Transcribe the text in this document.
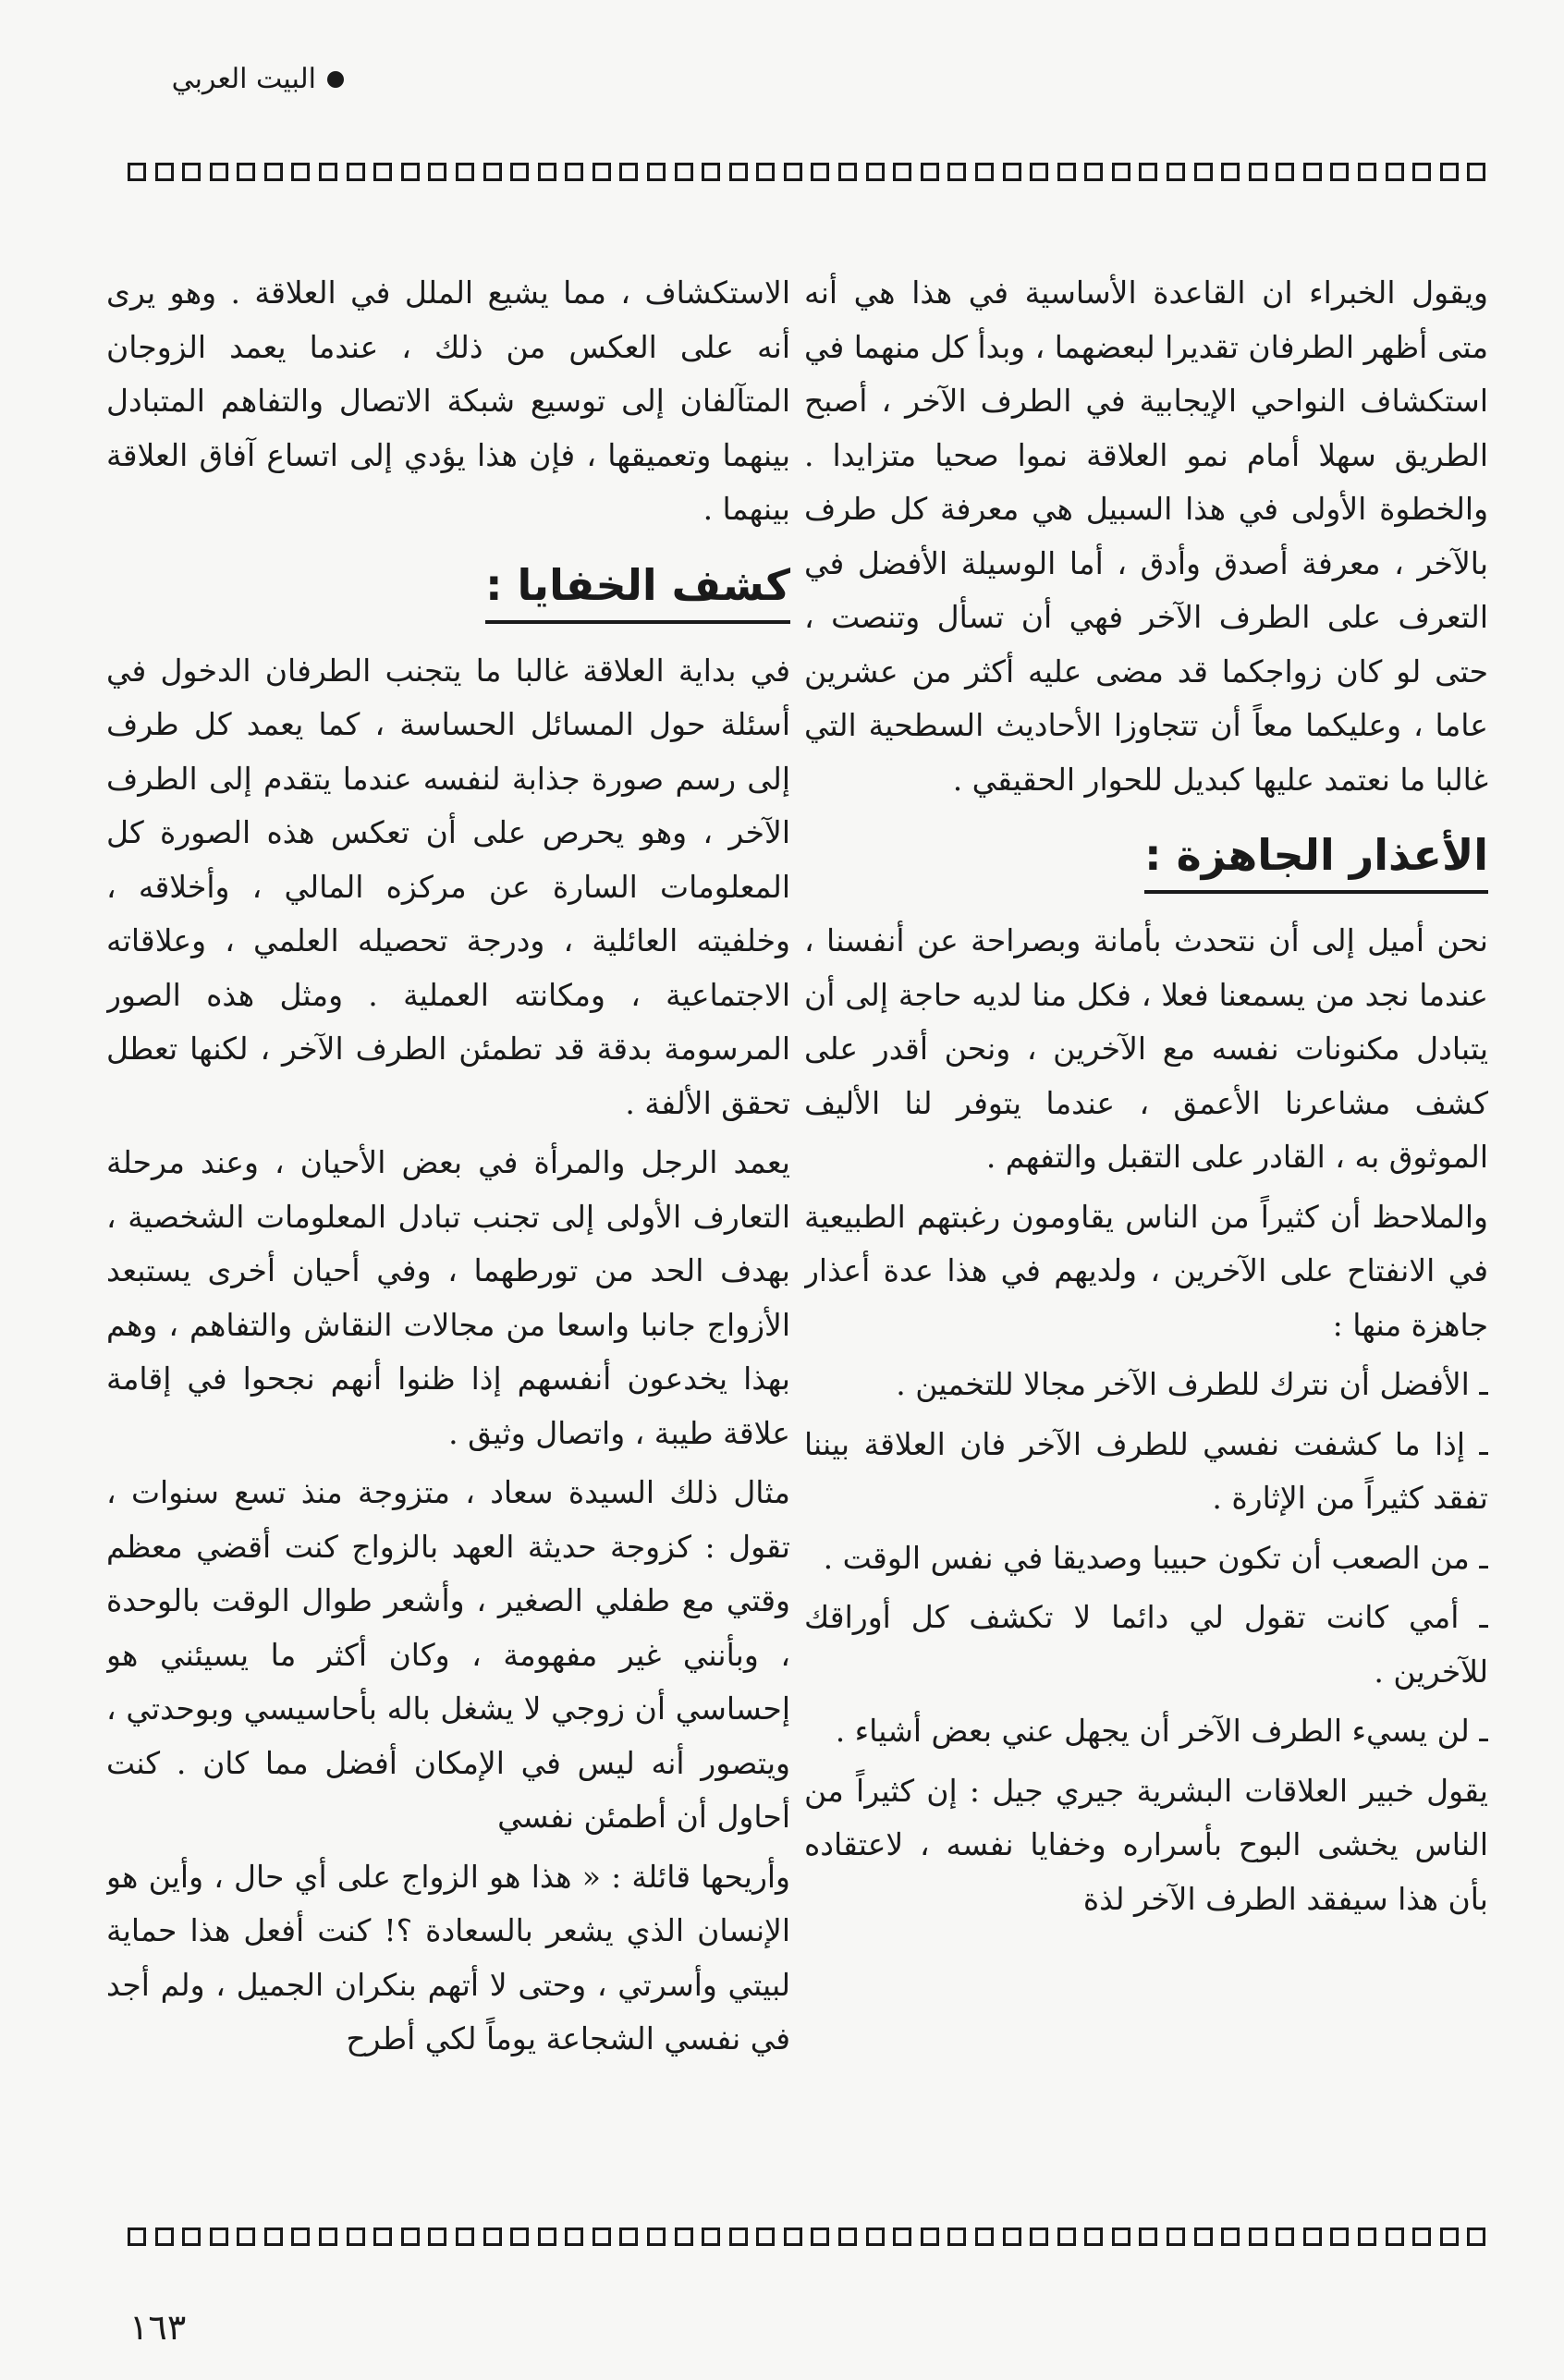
البيت العربي

ويقول الخبراء ان القاعدة الأساسية في هذا هي أنه متى أظهر الطرفان تقديرا لبعضهما ، وبدأ كل منهما في استكشاف النواحي الإيجابية في الطرف الآخر ، أصبح الطريق سهلا أمام نمو العلاقة نموا صحيا متزايدا . والخطوة الأولى في هذا السبيل هي معرفة كل طرف بالآخر ، معرفة أصدق وأدق ، أما الوسيلة الأفضل في التعرف على الطرف الآخر فهي أن تسأل وتنصت ، حتى لو كان زواجكما قد مضى عليه أكثر من عشرين عاما ، وعليكما معاً أن تتجاوزا الأحاديث السطحية التي غالبا ما نعتمد عليها كبديل للحوار الحقيقي .

الأعذار الجاهزة :

نحن أميل إلى أن نتحدث بأمانة وبصراحة عن أنفسنا ، عندما نجد من يسمعنا فعلا ، فكل منا لديه حاجة إلى أن يتبادل مكنونات نفسه مع الآخرين ، ونحن أقدر على كشف مشاعرنا الأعمق ، عندما يتوفر لنا الأليف الموثوق به ، القادر على التقبل والتفهم .

والملاحظ أن كثيراً من الناس يقاومون رغبتهم الطبيعية في الانفتاح على الآخرين ، ولديهم في هذا عدة أعذار جاهزة منها :

ـ الأفضل أن نترك للطرف الآخر مجالا للتخمين .

ـ إذا ما كشفت نفسي للطرف الآخر فان العلاقة بيننا تفقد كثيراً من الإثارة .

ـ من الصعب أن تكون حبيبا وصديقا في نفس الوقت .

ـ أمي كانت تقول لي دائما لا تكشف كل أوراقك للآخرين .

ـ لن يسيء الطرف الآخر أن يجهل عني بعض أشياء .

يقول خبير العلاقات البشرية جيري جيل : إن كثيراً من الناس يخشى البوح بأسراره وخفايا نفسه ، لاعتقاده بأن هذا سيفقد الطرف الآخر لذة

الاستكشاف ، مما يشيع الملل في العلاقة . وهو يرى أنه على العكس من ذلك ، عندما يعمد الزوجان المتآلفان إلى توسيع شبكة الاتصال والتفاهم المتبادل بينهما وتعميقها ، فإن هذا يؤدي إلى اتساع آفاق العلاقة بينهما .

كشف الخفايا :

في بداية العلاقة غالبا ما يتجنب الطرفان الدخول في أسئلة حول المسائل الحساسة ، كما يعمد كل طرف إلى رسم صورة جذابة لنفسه عندما يتقدم إلى الطرف الآخر ، وهو يحرص على أن تعكس هذه الصورة كل المعلومات السارة عن مركزه المالي ، وأخلاقه ، وخلفيته العائلية ، ودرجة تحصيله العلمي ، وعلاقاته الاجتماعية ، ومكانته العملية . ومثل هذه الصور المرسومة بدقة قد تطمئن الطرف الآخر ، لكنها تعطل تحقق الألفة .

يعمد الرجل والمرأة في بعض الأحيان ، وعند مرحلة التعارف الأولى إلى تجنب تبادل المعلومات الشخصية ، بهدف الحد من تورطهما ، وفي أحيان أخرى يستبعد الأزواج جانبا واسعا من مجالات النقاش والتفاهم ، وهم بهذا يخدعون أنفسهم إذا ظنوا أنهم نجحوا في إقامة علاقة طيبة ، واتصال وثيق .

مثال ذلك السيدة سعاد ، متزوجة منذ تسع سنوات ، تقول : كزوجة حديثة العهد بالزواج كنت أقضي معظم وقتي مع طفلي الصغير ، وأشعر طوال الوقت بالوحدة ، وبأنني غير مفهومة ، وكان أكثر ما يسيئني هو إحساسي أن زوجي لا يشغل باله بأحاسيسي وبوحدتي ، ويتصور أنه ليس في الإمكان أفضل مما كان . كنت أحاول أن أطمئن نفسي

وأريحها قائلة : « هذا هو الزواج على أي حال ، وأين هو الإنسان الذي يشعر بالسعادة ؟! كنت أفعل هذا حماية لبيتي وأسرتي ، وحتى لا أتهم بنكران الجميل ، ولم أجد في نفسي الشجاعة يوماً لكي أطرح

١٦٣
